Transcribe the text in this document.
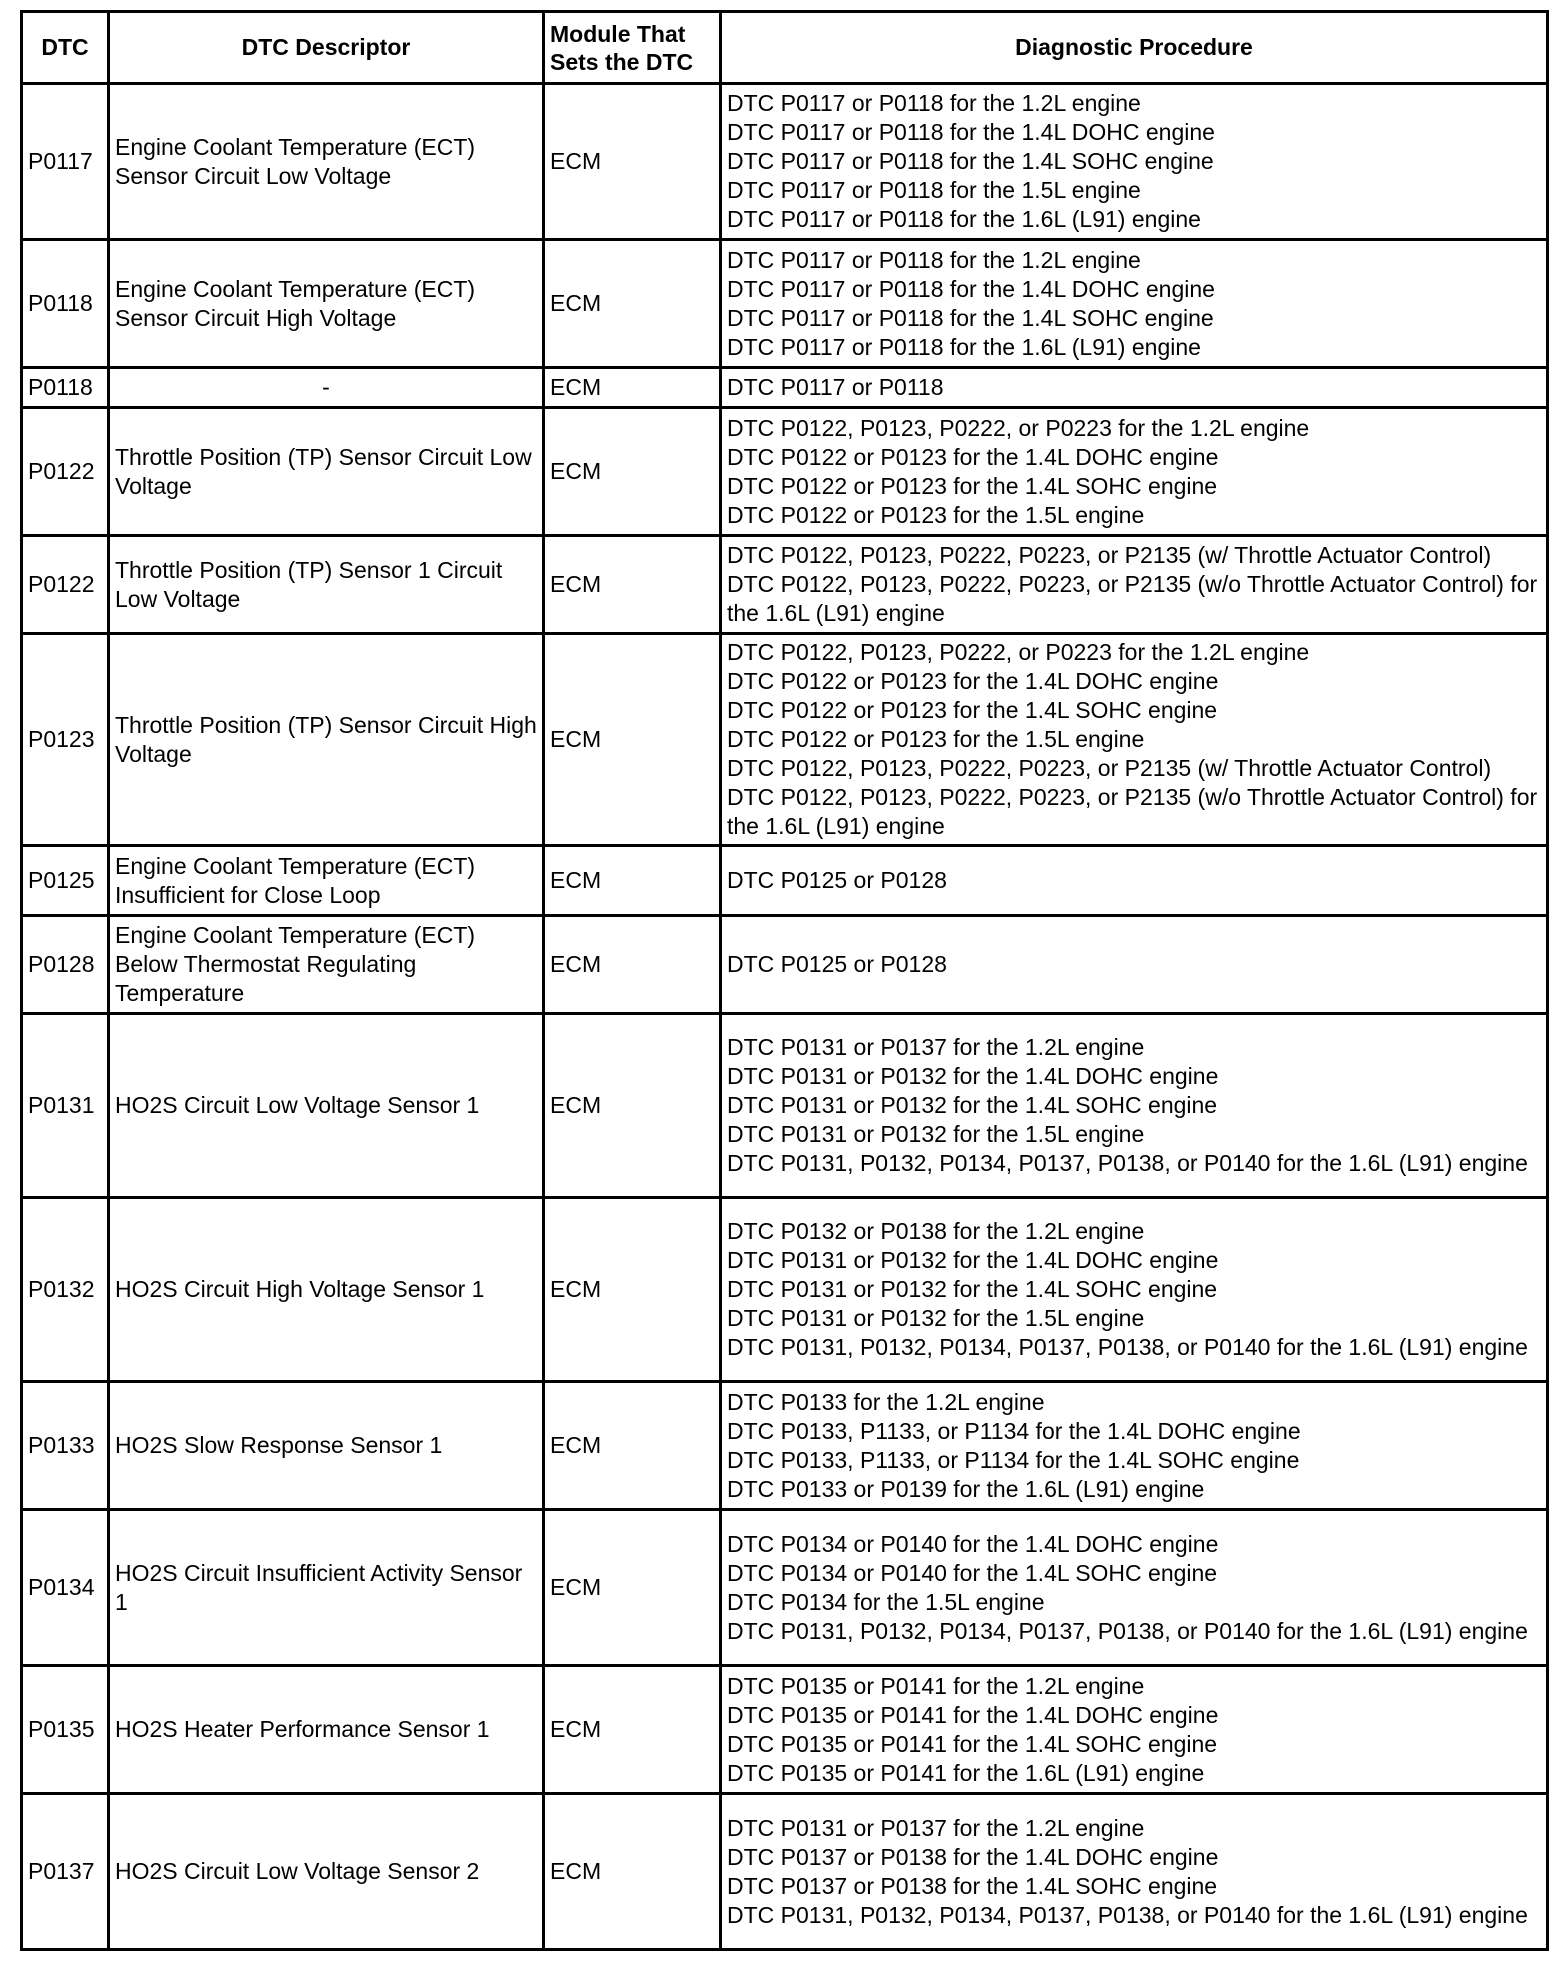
DTC	DTC Descriptor	Module That
Sets the DTC	Diagnostic Procedure
P0117	Engine Coolant Temperature (ECT) Sensor Circuit Low Voltage	ECM	DTC P0117 or P0118 for the 1.2L engine
DTC P0117 or P0118 for the 1.4L DOHC engine
DTC P0117 or P0118 for the 1.4L SOHC engine
DTC P0117 or P0118 for the 1.5L engine
DTC P0117 or P0118 for the 1.6L (L91) engine

P0118	Engine Coolant Temperature (ECT) Sensor Circuit High Voltage	ECM	DTC P0117 or P0118 for the 1.2L engine
DTC P0117 or P0118 for the 1.4L DOHC engine
DTC P0117 or P0118 for the 1.4L SOHC engine
DTC P0117 or P0118 for the 1.6L (L91) engine

P0118	-	ECM	DTC P0117 or P0118

P0122	Throttle Position (TP) Sensor Circuit Low Voltage	ECM	DTC P0122, P0123, P0222, or P0223 for the 1.2L engine
DTC P0122 or P0123 for the 1.4L DOHC engine
DTC P0122 or P0123 for the 1.4L SOHC engine
DTC P0122 or P0123 for the 1.5L engine

P0122	Throttle Position (TP) Sensor 1 Circuit Low Voltage	ECM	DTC P0122, P0123, P0222, P0223, or P2135 (w/ Throttle Actuator Control) DTC P0122, P0123, P0222, P0223, or P2135 (w/o Throttle Actuator Control) for the 1.6L (L91) engine

P0123	Throttle Position (TP) Sensor Circuit High Voltage	ECM	DTC P0122, P0123, P0222, or P0223 for the 1.2L engine
DTC P0122 or P0123 for the 1.4L DOHC engine
DTC P0122 or P0123 for the 1.4L SOHC engine
DTC P0122 or P0123 for the 1.5L engine
DTC P0122, P0123, P0222, P0223, or P2135 (w/ Throttle Actuator Control) DTC P0122, P0123, P0222, P0223, or P2135 (w/o Throttle Actuator Control) for the 1.6L (L91) engine

P0125	Engine Coolant Temperature (ECT) Insufficient for Close Loop	ECM	DTC P0125 or P0128

P0128	Engine Coolant Temperature (ECT) Below Thermostat Regulating Temperature	ECM	DTC P0125 or P0128

P0131	HO2S Circuit Low Voltage Sensor 1	ECM	DTC P0131 or P0137 for the 1.2L engine
DTC P0131 or P0132 for the 1.4L DOHC engine
DTC P0131 or P0132 for the 1.4L SOHC engine
DTC P0131 or P0132 for the 1.5L engine
DTC P0131, P0132, P0134, P0137, P0138, or P0140 for the 1.6L (L91) engine

P0132	HO2S Circuit High Voltage Sensor 1	ECM	DTC P0132 or P0138 for the 1.2L engine
DTC P0131 or P0132 for the 1.4L DOHC engine
DTC P0131 or P0132 for the 1.4L SOHC engine
DTC P0131 or P0132 for the 1.5L engine
DTC P0131, P0132, P0134, P0137, P0138, or P0140 for the 1.6L (L91) engine

P0133	HO2S Slow Response Sensor 1	ECM	DTC P0133 for the 1.2L engine
DTC P0133, P1133, or P1134 for the 1.4L DOHC engine
DTC P0133, P1133, or P1134 for the 1.4L SOHC engine
DTC P0133 or P0139 for the 1.6L (L91) engine

P0134	HO2S Circuit Insufficient Activity Sensor 1	ECM	DTC P0134 or P0140 for the 1.4L DOHC engine
DTC P0134 or P0140 for the 1.4L SOHC engine
DTC P0134 for the 1.5L engine
DTC P0131, P0132, P0134, P0137, P0138, or P0140 for the 1.6L (L91) engine

P0135	HO2S Heater Performance Sensor 1	ECM	DTC P0135 or P0141 for the 1.2L engine
DTC P0135 or P0141 for the 1.4L DOHC engine
DTC P0135 or P0141 for the 1.4L SOHC engine
DTC P0135 or P0141 for the 1.6L (L91) engine

P0137	HO2S Circuit Low Voltage Sensor 2	ECM	DTC P0131 or P0137 for the 1.2L engine
DTC P0137 or P0138 for the 1.4L DOHC engine
DTC P0137 or P0138 for the 1.4L SOHC engine
DTC P0131, P0132, P0134, P0137, P0138, or P0140 for the 1.6L (L91) engine
